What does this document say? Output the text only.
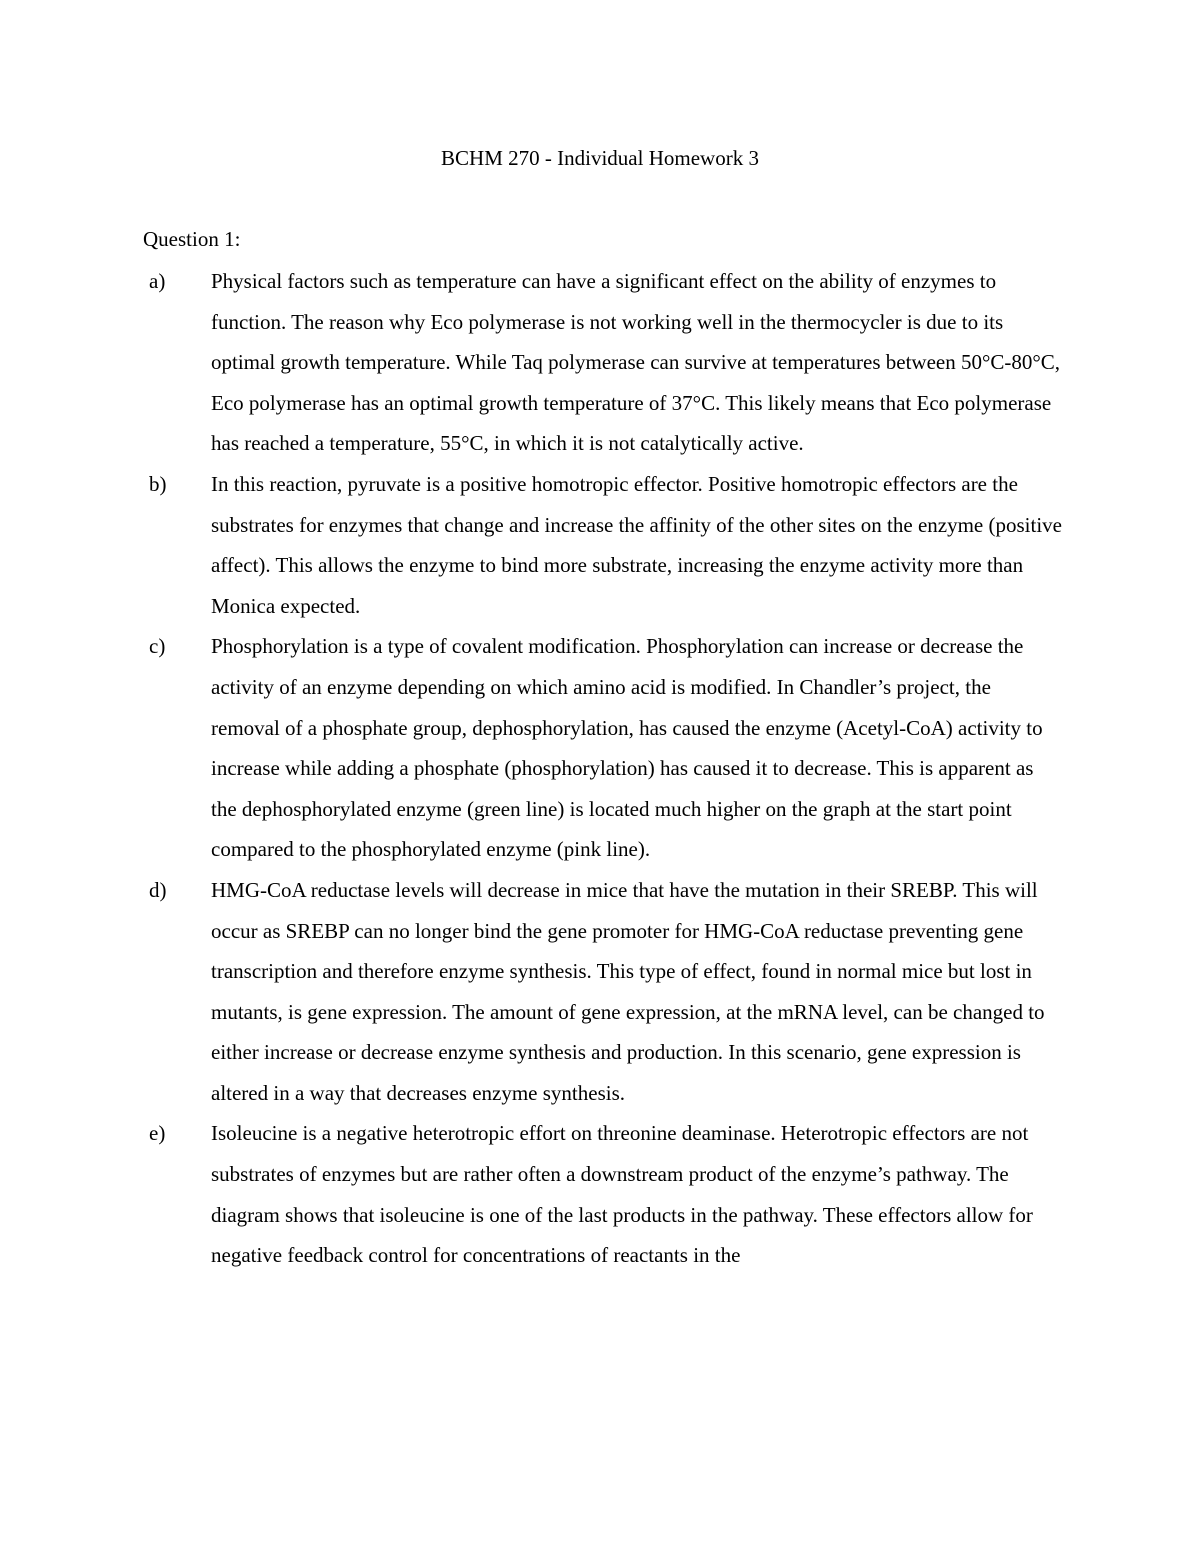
BCHM 270 - Individual Homework 3

Question 1:

a)	Physical factors such as temperature can have a significant effect on the ability of enzymes to function. The reason why Eco polymerase is not working well in the thermocycler is due to its optimal growth temperature. While Taq polymerase can survive at temperatures between 50°C-80°C, Eco polymerase has an optimal growth temperature of 37°C. This likely means that Eco polymerase has reached a temperature, 55°C, in which it is not catalytically active.

b)	In this reaction, pyruvate is a positive homotropic effector. Positive homotropic effectors are the substrates for enzymes that change and increase the affinity of the other sites on the enzyme (positive affect). This allows the enzyme to bind more substrate, increasing the enzyme activity more than Monica expected.

c)	Phosphorylation is a type of covalent modification. Phosphorylation can increase or decrease the activity of an enzyme depending on which amino acid is modified. In Chandler’s project, the removal of a phosphate group, dephosphorylation, has caused the enzyme (Acetyl-CoA) activity to increase while adding a phosphate (phosphorylation) has caused it to decrease. This is apparent as the dephosphorylated enzyme (green line) is located much higher on the graph at the start point compared to the phosphorylated enzyme (pink line).

d)	HMG-CoA reductase levels will decrease in mice that have the mutation in their SREBP. This will occur as SREBP can no longer bind the gene promoter for HMG-CoA reductase preventing gene transcription and therefore enzyme synthesis. This type of effect, found in normal mice but lost in mutants, is gene expression. The amount of gene expression, at the mRNA level, can be changed to either increase or decrease enzyme synthesis and production. In this scenario, gene expression is altered in a way that decreases enzyme synthesis.

e)	Isoleucine is a negative heterotropic effort on threonine deaminase. Heterotropic effectors are not substrates of enzymes but are rather often a downstream product of the enzyme’s pathway. The diagram shows that isoleucine is one of the last products in the pathway. These effectors allow for negative feedback control for concentrations of reactants in the
